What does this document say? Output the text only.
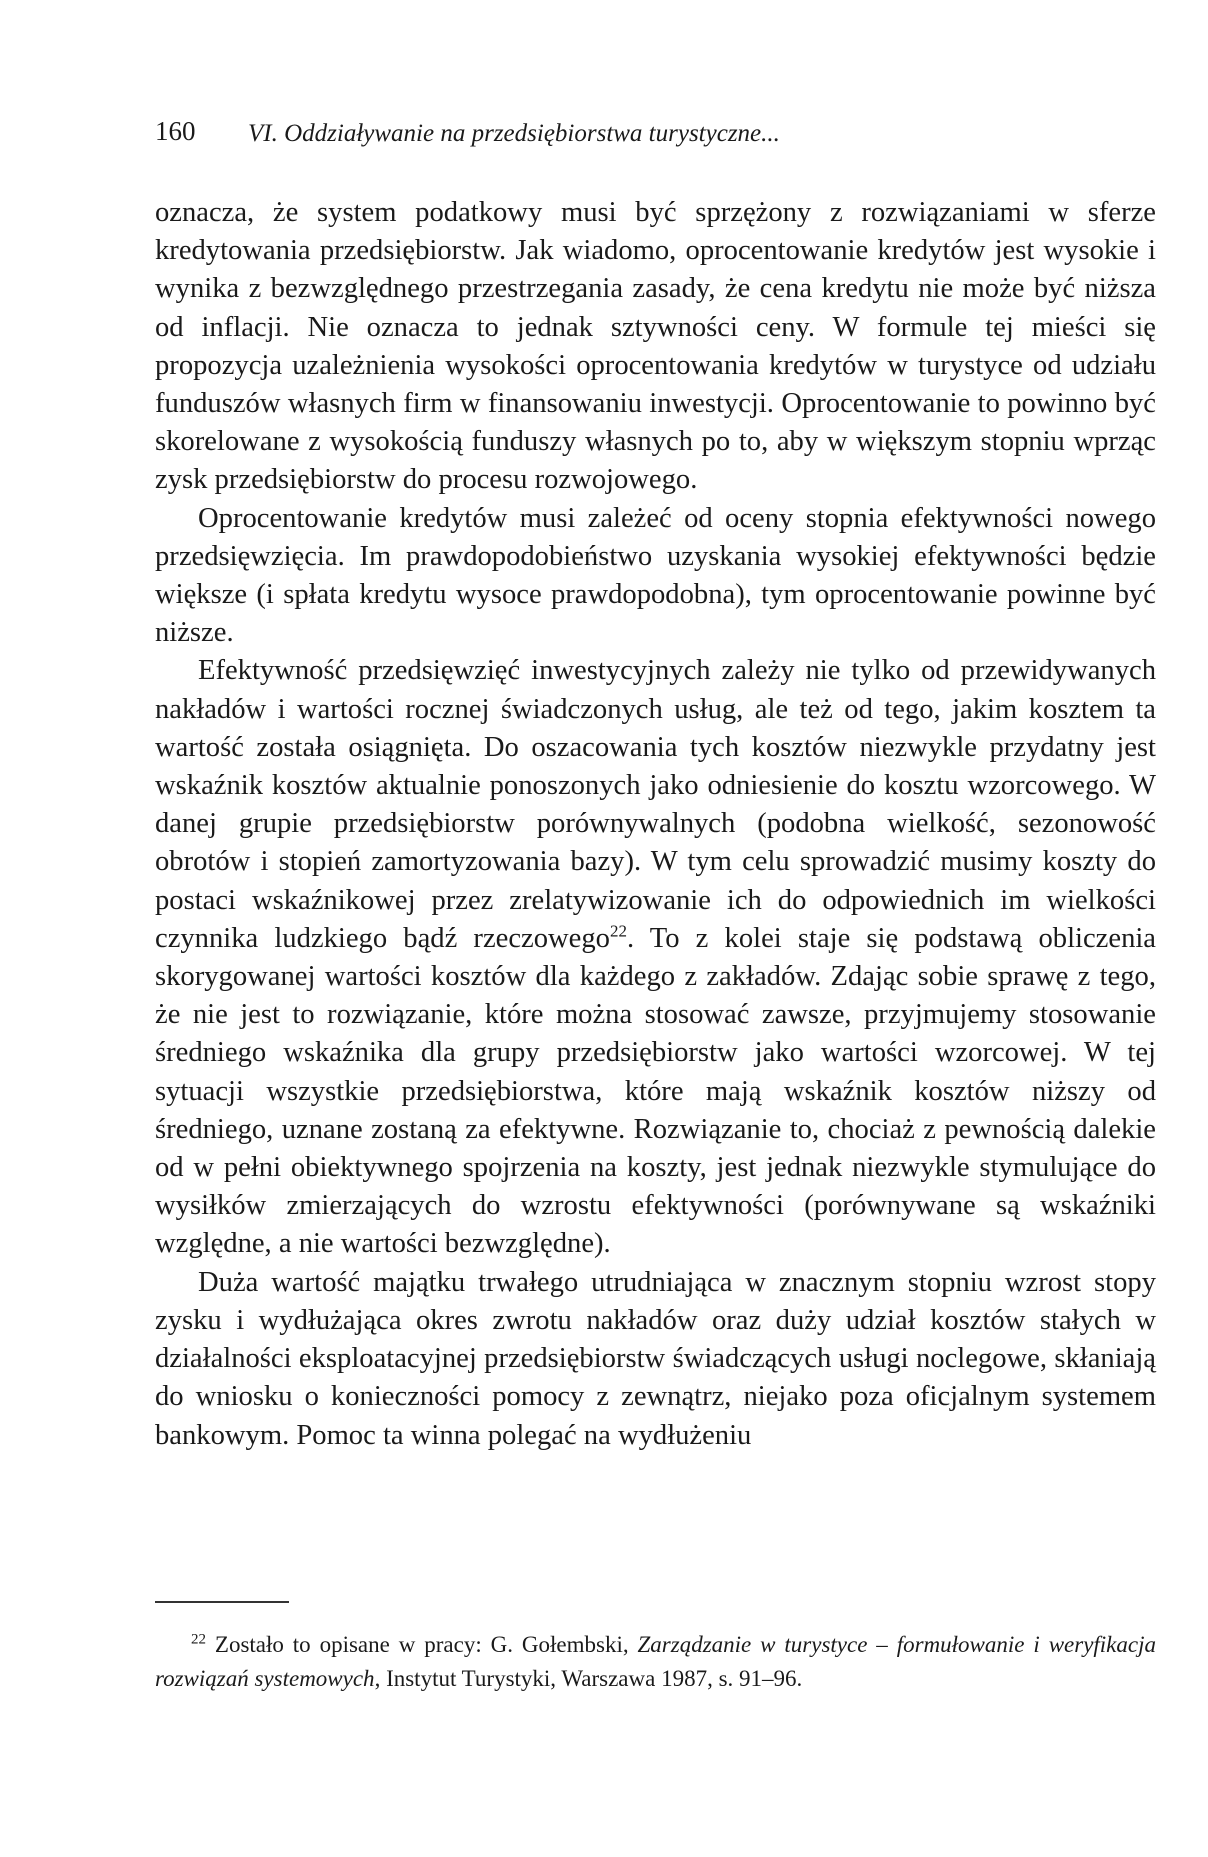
160 VI. Oddziaływanie na przedsiębiorstwa turystyczne...

oznacza, że system podatkowy musi być sprzężony z rozwiązaniami w sferze kredytowania przedsiębiorstw. Jak wiadomo, oprocentowanie kredytów jest wysokie i wynika z bezwzględnego przestrzegania zasady, że cena kredytu nie może być niższa od inflacji. Nie oznacza to jednak sztywności ceny. W formule tej mieści się propozycja uzależnienia wysokości oprocentowania kredytów w turystyce od udziału funduszów własnych firm w finansowaniu inwestycji. Oprocentowanie to powinno być skorelowane z wysokością funduszy własnych po to, aby w większym stopniu wprząc zysk przedsiębiorstw do procesu rozwojowego.

Oprocentowanie kredytów musi zależeć od oceny stopnia efektywności nowego przedsięwzięcia. Im prawdopodobieństwo uzyskania wysokiej efektywności będzie większe (i spłata kredytu wysoce prawdopodobna), tym oprocentowanie powinne być niższe.

Efektywność przedsięwzięć inwestycyjnych zależy nie tylko od przewidywanych nakładów i wartości rocznej świadczonych usług, ale też od tego, jakim kosztem ta wartość została osiągnięta. Do oszacowania tych kosztów niezwykle przydatny jest wskaźnik kosztów aktualnie ponoszonych jako odniesienie do kosztu wzorcowego. W danej grupie przedsiębiorstw porównywalnych (podobna wielkość, sezonowość obrotów i stopień zamortyzowania bazy). W tym celu sprowadzić musimy koszty do postaci wskaźnikowej przez zrelatywizowanie ich do odpowiednich im wielkości czynnika ludzkiego bądź rzeczowego$^{22}$. To z kolei staje się podstawą obliczenia skorygowanej wartości kosztów dla każdego z zakładów. Zdając sobie sprawę z tego, że nie jest to rozwiązanie, które można stosować zawsze, przyjmujemy stosowanie średniego wskaźnika dla grupy przedsiębiorstw jako wartości wzorcowej. W tej sytuacji wszystkie przedsiębiorstwa, które mają wskaźnik kosztów niższy od średniego, uznane zostaną za efektywne. Rozwiązanie to, chociaż z pewnością dalekie od w pełni obiektywnego spojrzenia na koszty, jest jednak niezwykle stymulujące do wysiłków zmierzających do wzrostu efektywności (porównywane są wskaźniki względne, a nie wartości bezwzględne).

Duża wartość majątku trwałego utrudniająca w znacznym stopniu wzrost stopy zysku i wydłużająca okres zwrotu nakładów oraz duży udział kosztów stałych w działalności eksploatacyjnej przedsiębiorstw świadczących usługi noclegowe, skłaniają do wniosku o konieczności pomocy z zewnątrz, niejako poza oficjalnym systemem bankowym. Pomoc ta winna polegać na wydłużeniu

$^{22}$ Zostało to opisane w pracy: G. Gołembski, Zarządzanie w turystyce – formułowanie i weryfikacja rozwiązań systemowych, Instytut Turystyki, Warszawa 1987, s. 91–96.
